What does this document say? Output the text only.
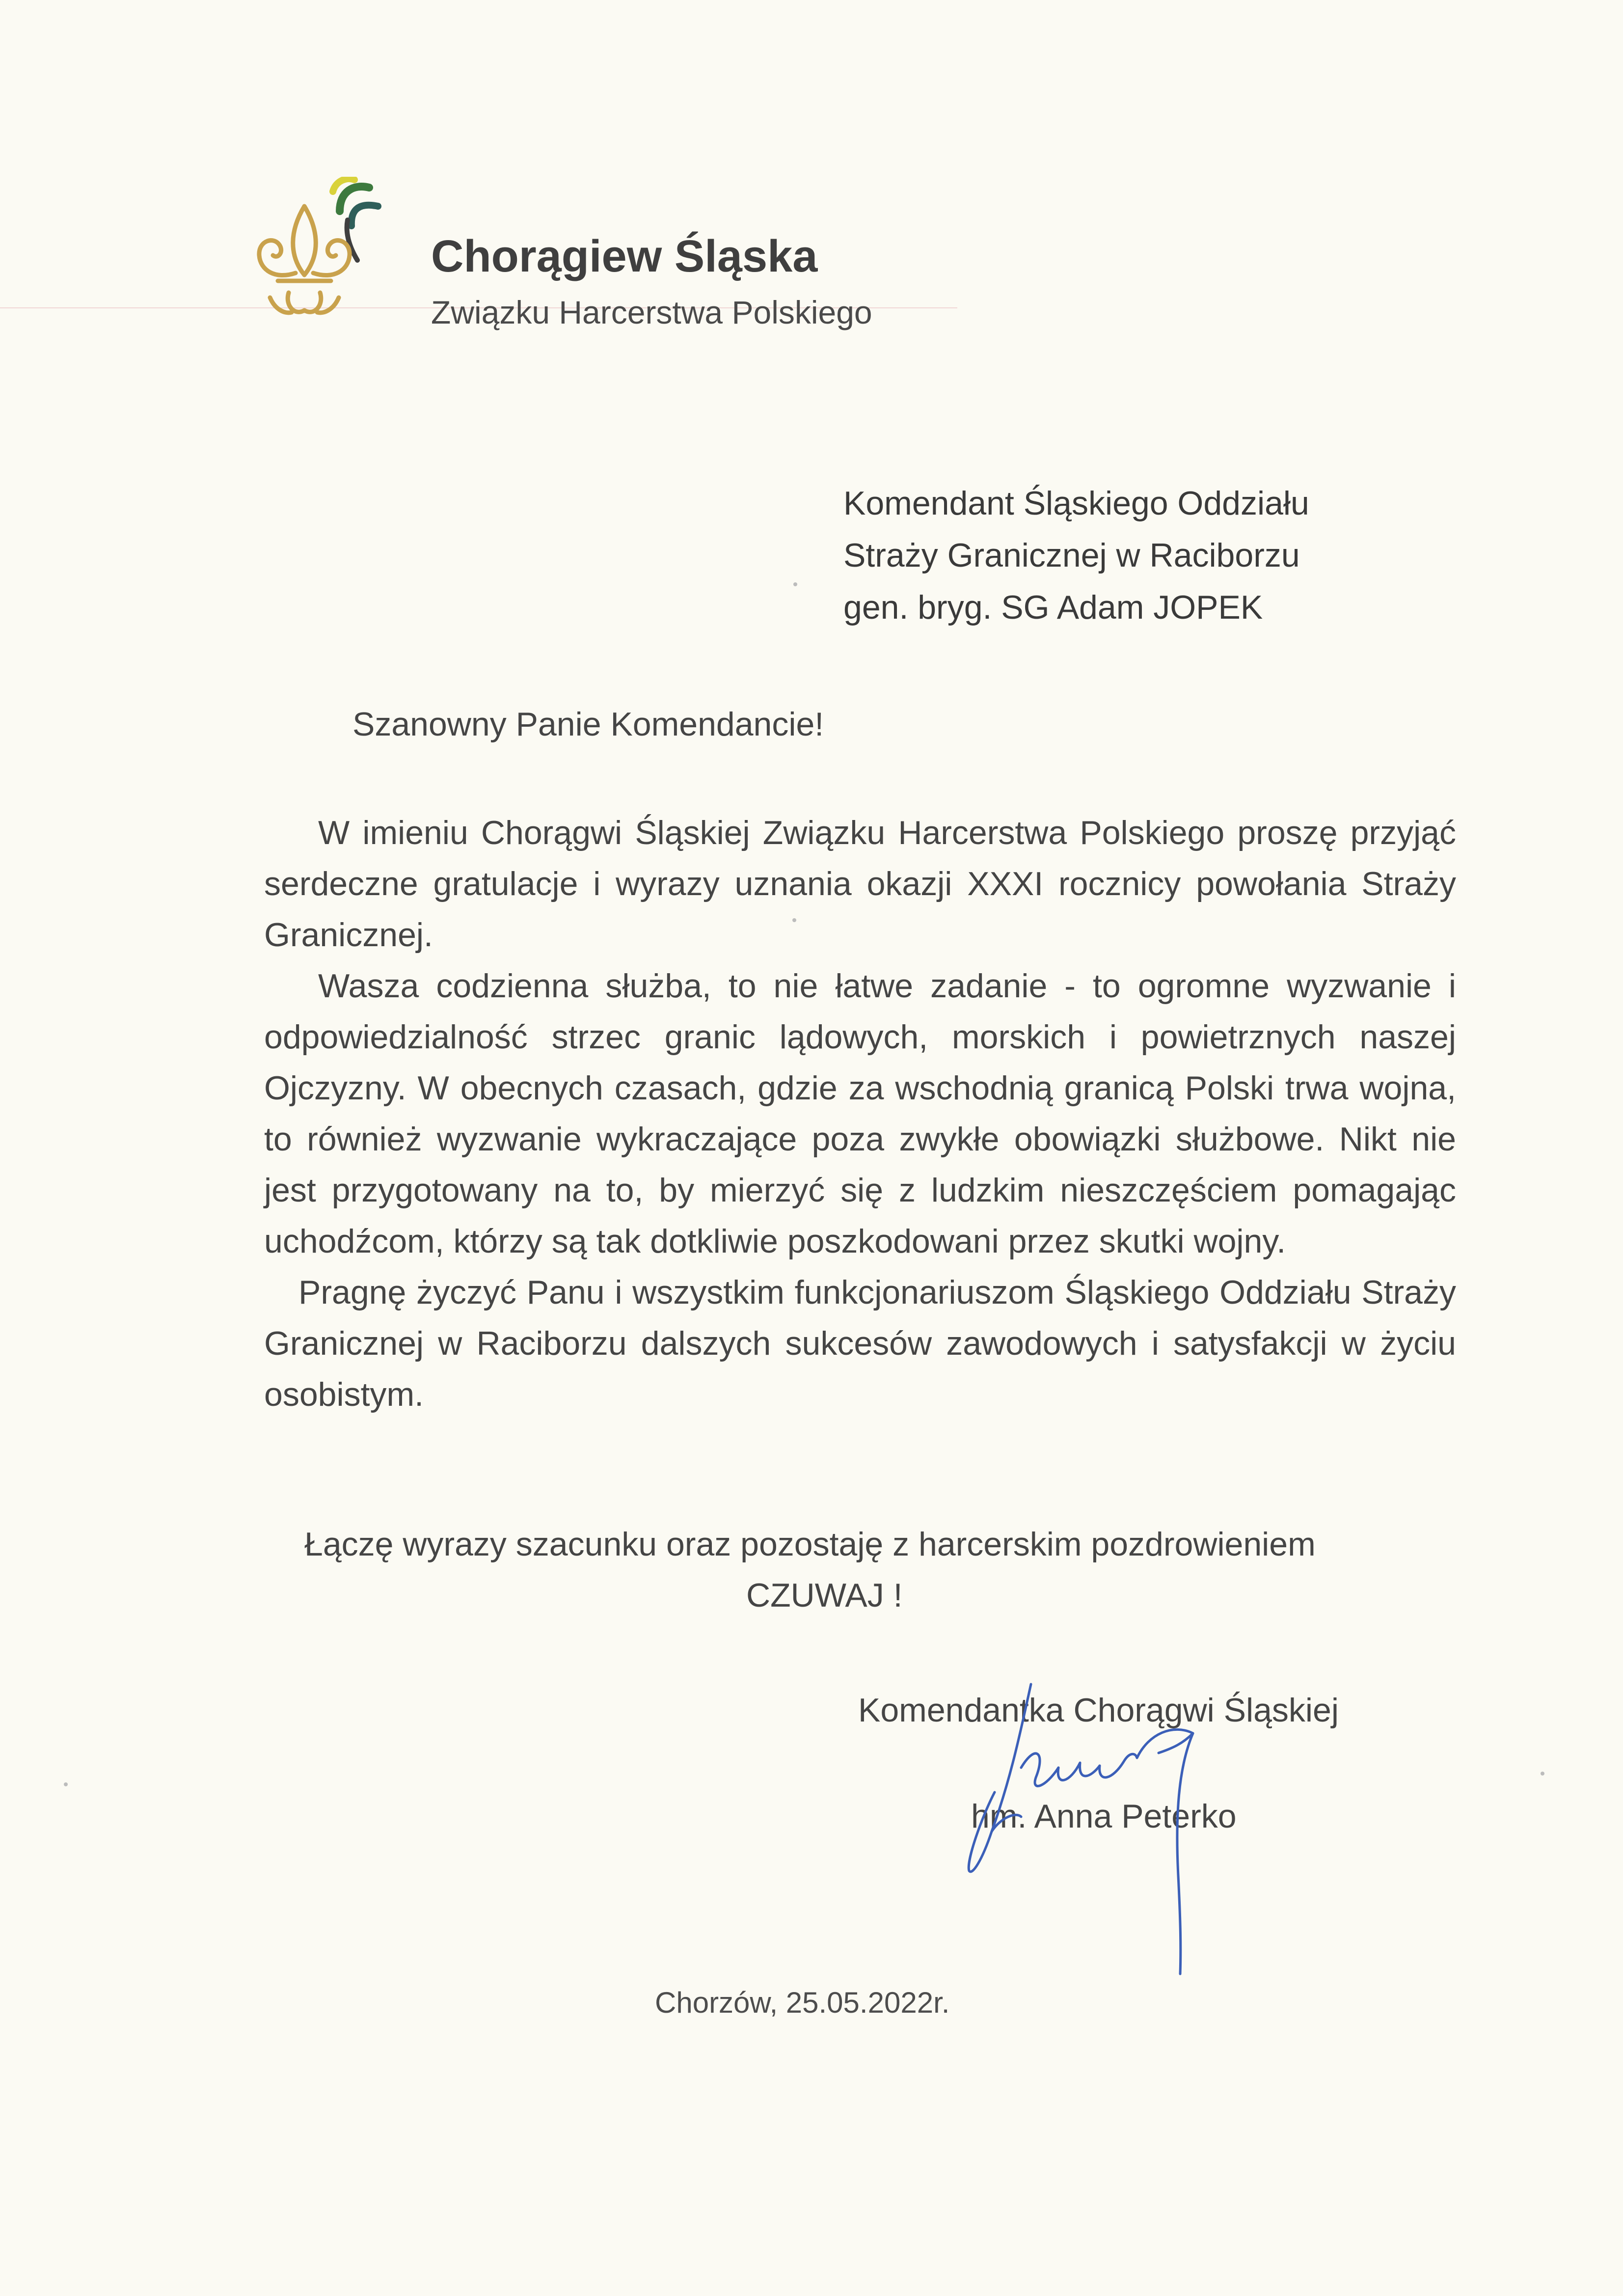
Chorągiew Śląska
Związku Harcerstwa Polskiego
Komendant Śląskiego Oddziału
Straży Granicznej w Raciborzu
gen. bryg. SG Adam JOPEK
Szanowny Panie Komendancie!

W imieniu Chorągwi Śląskiej Związku Harcerstwa Polskiego proszę przyjąć serdeczne gratulacje i wyrazy uznania okazji XXXI rocznicy powołania Straży Granicznej.

Wasza codzienna służba, to nie łatwe zadanie - to ogromne wyzwanie i odpowiedzialność strzec granic lądowych, morskich i powietrznych naszej Ojczyzny. W obecnych czasach, gdzie za wschodnią granicą Polski trwa wojna, to również wyzwanie wykraczające poza zwykłe obowiązki służbowe. Nikt nie jest przygotowany na to, by mierzyć się z ludzkim nieszczęściem pomagając uchodźcom, którzy są tak dotkliwie poszkodowani przez skutki wojny.

Pragnę życzyć Panu i wszystkim funkcjonariuszom Śląskiego Oddziału Straży Granicznej w Raciborzu dalszych sukcesów zawodowych i satysfakcji w życiu osobistym.

Łączę wyrazy szacunku oraz pozostaję z harcerskim pozdrowieniem
CZUWAJ !
Komendantka Chorągwi Śląskiej
hm. Anna Peterko
Chorzów, 25.05.2022r.
